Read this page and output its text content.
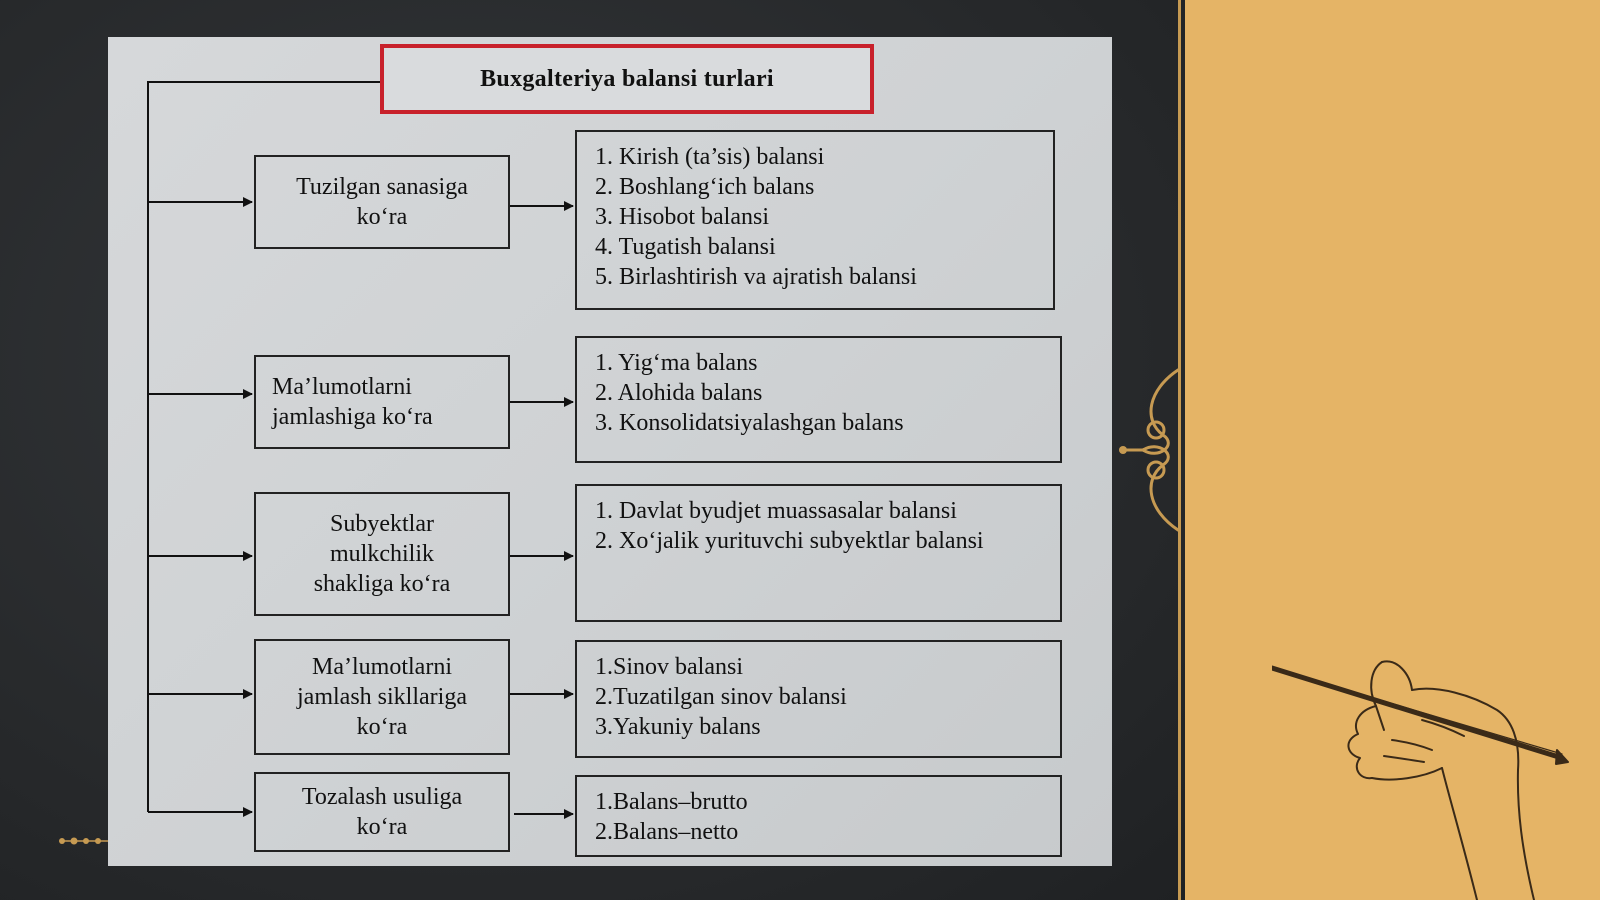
Buxgalteriya balansi turlari
Tuzilgan sanasiga
ko‘ra
1. Kirish (ta’sis) balansi
2. Boshlang‘ich balans
3. Hisobot balansi
4. Tugatish balansi
5. Birlashtirish va ajratish balansi
Ma’lumotlarni
jamlashiga ko‘ra
1. Yig‘ma balans
2. Alohida balans
3. Konsolidatsiyalashgan balans
Subyektlar
mulkchilik
shakliga ko‘ra
1. Davlat byudjet muassasalar balansi
2. Xo‘jalik yurituvchi subyektlar balansi
Ma’lumotlarni
jamlash sikllariga
ko‘ra
1.Sinov balansi
2.Tuzatilgan sinov balansi
3.Yakuniy balans
Tozalash usuliga
ko‘ra
1.Balans–brutto
2.Balans–netto
